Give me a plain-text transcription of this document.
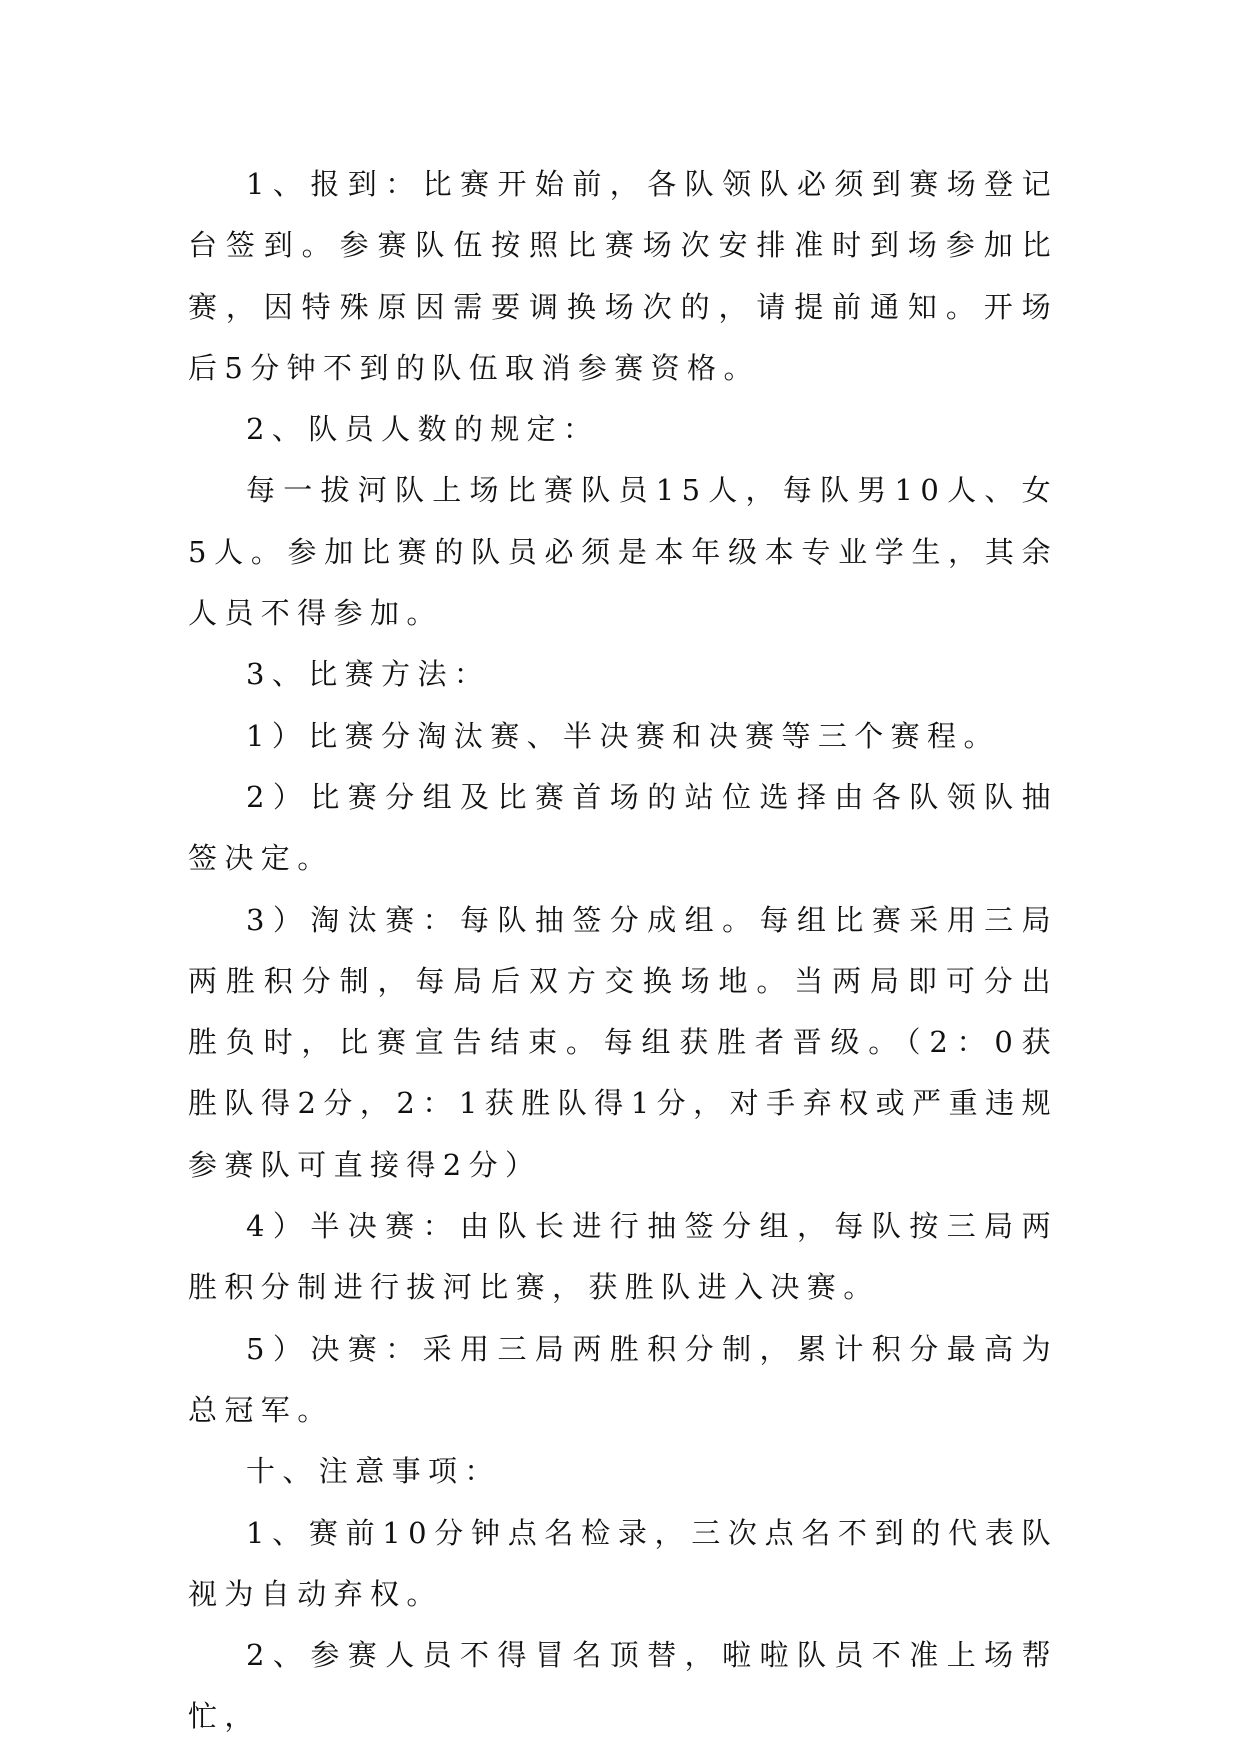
1、报到：比赛开始前，各队领队必须到赛场登记台签到。参赛队伍按照比赛场次安排准时到场参加比赛，因特殊原因需要调换场次的，请提前通知。开场后5分钟不到的队伍取消参赛资格。

2、队员人数的规定：

每一拔河队上场比赛队员15人，每队男10人、女5人。参加比赛的队员必须是本年级本专业学生，其余人员不得参加。

3、比赛方法：

1）比赛分淘汰赛、半决赛和决赛等三个赛程。

2）比赛分组及比赛首场的站位选择由各队领队抽签决定。

3）淘汰赛：每队抽签分成组。每组比赛采用三局两胜积分制，每局后双方交换场地。当两局即可分出胜负时，比赛宣告结束。每组获胜者晋级。（2：0获胜队得2分，2：1获胜队得1分，对手弃权或严重违规参赛队可直接得2分）

4）半决赛：由队长进行抽签分组，每队按三局两胜积分制进行拔河比赛，获胜队进入决赛。

5）决赛：采用三局两胜积分制，累计积分最高为总冠军。

十、注意事项：

1、赛前10分钟点名检录，三次点名不到的代表队视为自动弃权。

2、参赛人员不得冒名顶替，啦啦队员不准上场帮忙，
